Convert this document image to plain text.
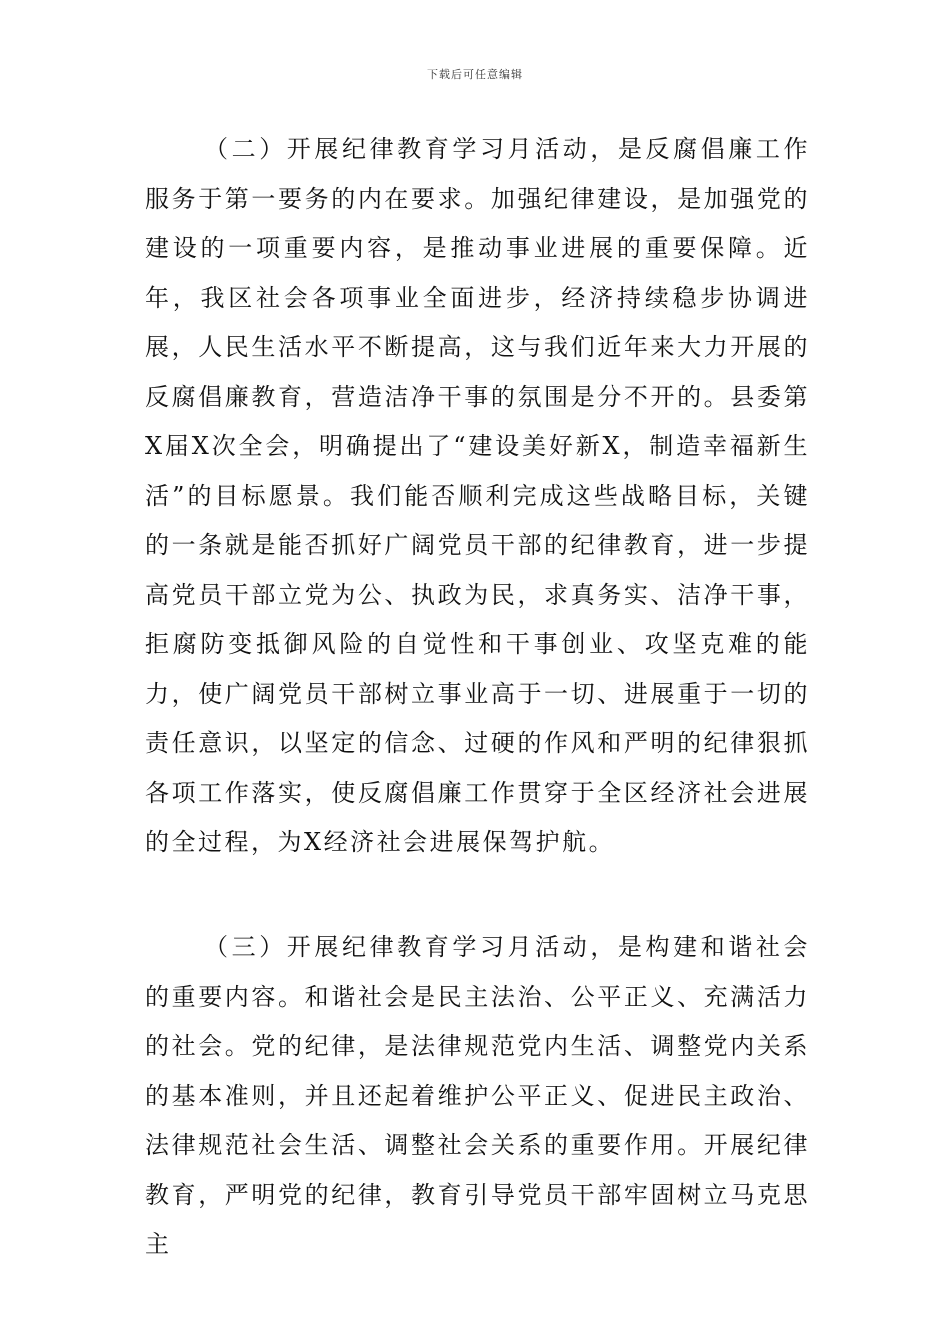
下载后可任意编辑

（二）开展纪律教育学习月活动，是反腐倡廉工作服务于第一要务的内在要求。加强纪律建设，是加强党的建设的一项重要内容，是推动事业进展的重要保障。近年，我区社会各项事业全面进步，经济持续稳步协调进展，人民生活水平不断提高，这与我们近年来大力开展的反腐倡廉教育，营造洁净干事的氛围是分不开的。县委第X届X次全会，明确提出了“建设美好新X，制造幸福新生活”的目标愿景。我们能否顺利完成这些战略目标，关键的一条就是能否抓好广阔党员干部的纪律教育，进一步提高党员干部立党为公、执政为民，求真务实、洁净干事，拒腐防变抵御风险的自觉性和干事创业、攻坚克难的能力，使广阔党员干部树立事业高于一切、进展重于一切的责任意识，以坚定的信念、过硬的作风和严明的纪律狠抓各项工作落实，使反腐倡廉工作贯穿于全区经济社会进展的全过程，为X经济社会进展保驾护航。

（三）开展纪律教育学习月活动，是构建和谐社会的重要内容。和谐社会是民主法治、公平正义、充满活力的社会。党的纪律，是法律规范党内生活、调整党内关系的基本准则，并且还起着维护公平正义、促进民主政治、法律规范社会生活、调整社会关系的重要作用。开展纪律教育，严明党的纪律，教育引导党员干部牢固树立马克思主
